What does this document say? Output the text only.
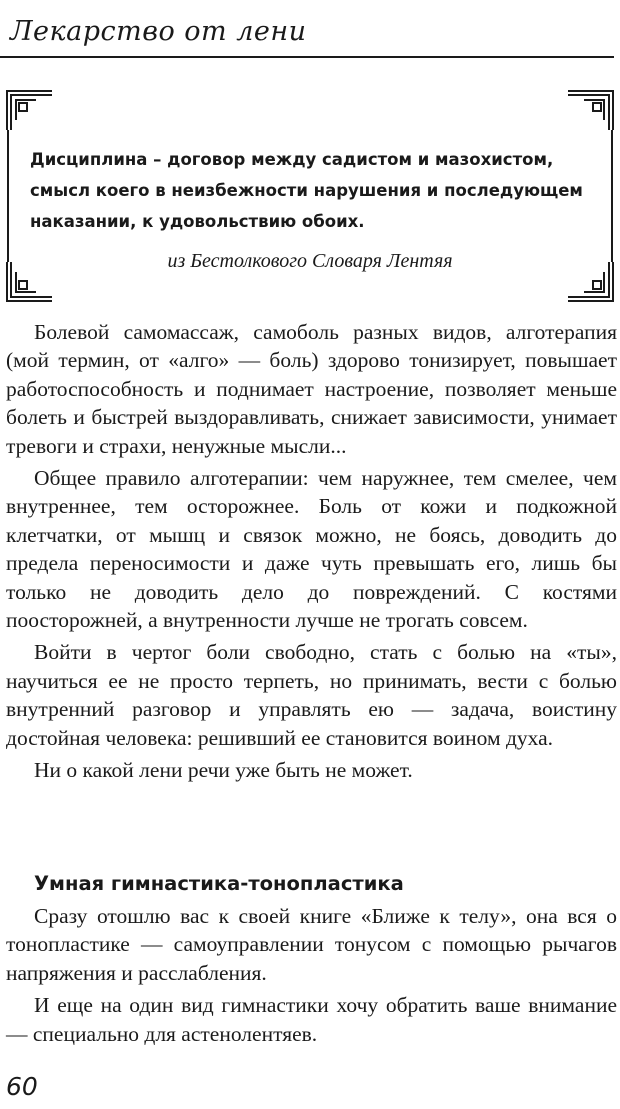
Лекарство от лени
Дисциплина – договор между садистом и мазохистом, смысл коего в неизбежности нарушения и последующем наказании, к удовольствию обоих.
из Бестолкового Словаря Лентяя

Болевой самомассаж, самоболь разных видов, алготерапия (мой термин, от «алго» — боль) здорово тонизирует, повышает работоспособность и поднимает настроение, позволяет меньше болеть и быстрей выздоравливать, снижает зависимости, унимает тревоги и страхи, ненужные мысли...

Общее правило алготерапии: чем наружнее, тем смелее, чем внутреннее, тем осторожнее. Боль от кожи и подкожной клетчатки, от мышц и связок можно, не боясь, доводить до предела переносимости и даже чуть превышать его, лишь бы только не доводить дело до повреждений. С костями поосторожней, а внутренности лучше не трогать совсем.

Войти в чертог боли свободно, стать с болью на «ты», научиться ее не просто терпеть, но принимать, вести с болью внутренний разговор и управлять ею — задача, воистину достойная человека: решивший ее становится воином духа.

Ни о какой лени речи уже быть не может.

Умная гимнастика-тонопластика

Сразу отошлю вас к своей книге «Ближе к телу», она вся о тонопластике — самоуправлении тонусом с помощью рычагов напряжения и расслабления.

И еще на один вид гимнастики хочу обратить ваше внимание — специально для астенолентяев.

60
